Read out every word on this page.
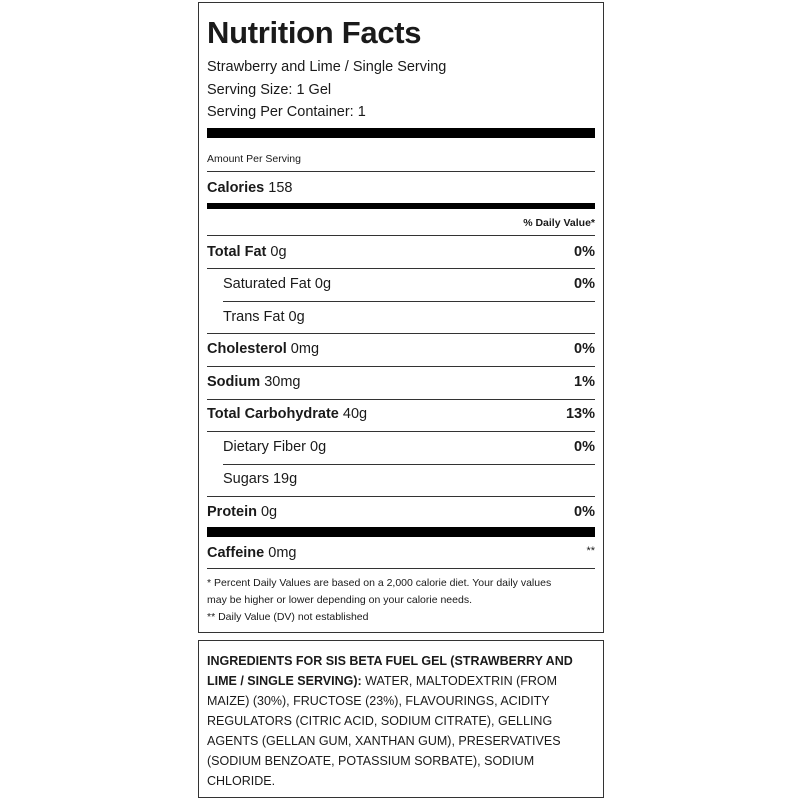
Nutrition Facts
Strawberry and Lime / Single Serving
Serving Size: 1 Gel
Serving Per Container: 1
Amount Per Serving
Calories 158
% Daily Value*
Total Fat 0g	0%
Saturated Fat 0g	0%
Trans Fat 0g
Cholesterol 0mg	0%
Sodium 30mg	1%
Total Carbohydrate 40g	13%
Dietary Fiber 0g	0%
Sugars 19g
Protein 0g	0%
Caffeine 0mg	**
* Percent Daily Values are based on a 2,000 calorie diet. Your daily values
may be higher or lower depending on your calorie needs.
** Daily Value (DV) not established
INGREDIENTS FOR SIS BETA FUEL GEL (STRAWBERRY AND LIME / SINGLE SERVING): WATER, MALTODEXTRIN (FROM MAIZE) (30%), FRUCTOSE (23%), FLAVOURINGS, ACIDITY REGULATORS (CITRIC ACID, SODIUM CITRATE), GELLING AGENTS (GELLAN GUM, XANTHAN GUM), PRESERVATIVES (SODIUM BENZOATE, POTASSIUM SORBATE), SODIUM CHLORIDE.
